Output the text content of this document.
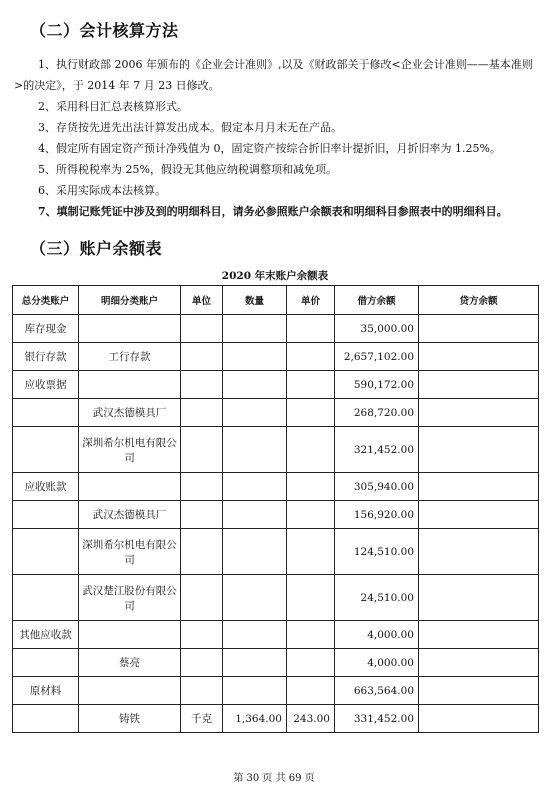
（二）会计核算方法

1、执行财政部 2006 年颁布的《企业会计准则》,以及《财政部关于修改<企业会计准则——基本准则>的决定》，于 2014 年 7 月 23 日修改。

2、采用科目汇总表核算形式。

3、存货按先进先出法计算发出成本。假定本月月末无在产品。

4、假定所有固定资产预计净残值为 0，固定资产按综合折旧率计提折旧，月折旧率为 1.25%。

5、所得税税率为 25%，假设无其他应纳税调整项和减免项。

6、采用实际成本法核算。

7、填制记账凭证中涉及到的明细科目，请务必参照账户余额表和明细科目参照表中的明细科目。

（三）账户余额表
2020 年末账户余额表
总分类账户	明细分类账户	单位	数量	单价	借方余额	贷方余额
库存现金					35,000.00	
银行存款	工行存款				2,657,102.00	
应收票据					590,172.00	
	武汉杰德模具厂				268,720.00	
	深圳希尔机电有限公司				321,452.00	
应收账款					305,940.00	
	武汉杰德模具厂				156,920.00	
	深圳希尔机电有限公司				124,510.00	
	武汉楚江股份有限公司				24,510.00	
其他应收款					4,000.00	
	蔡亮				4,000.00	
原材料					663,564.00	
	铸铁	千克	1,364.00	243.00	331,452.00	
第 30 页 共 69 页
